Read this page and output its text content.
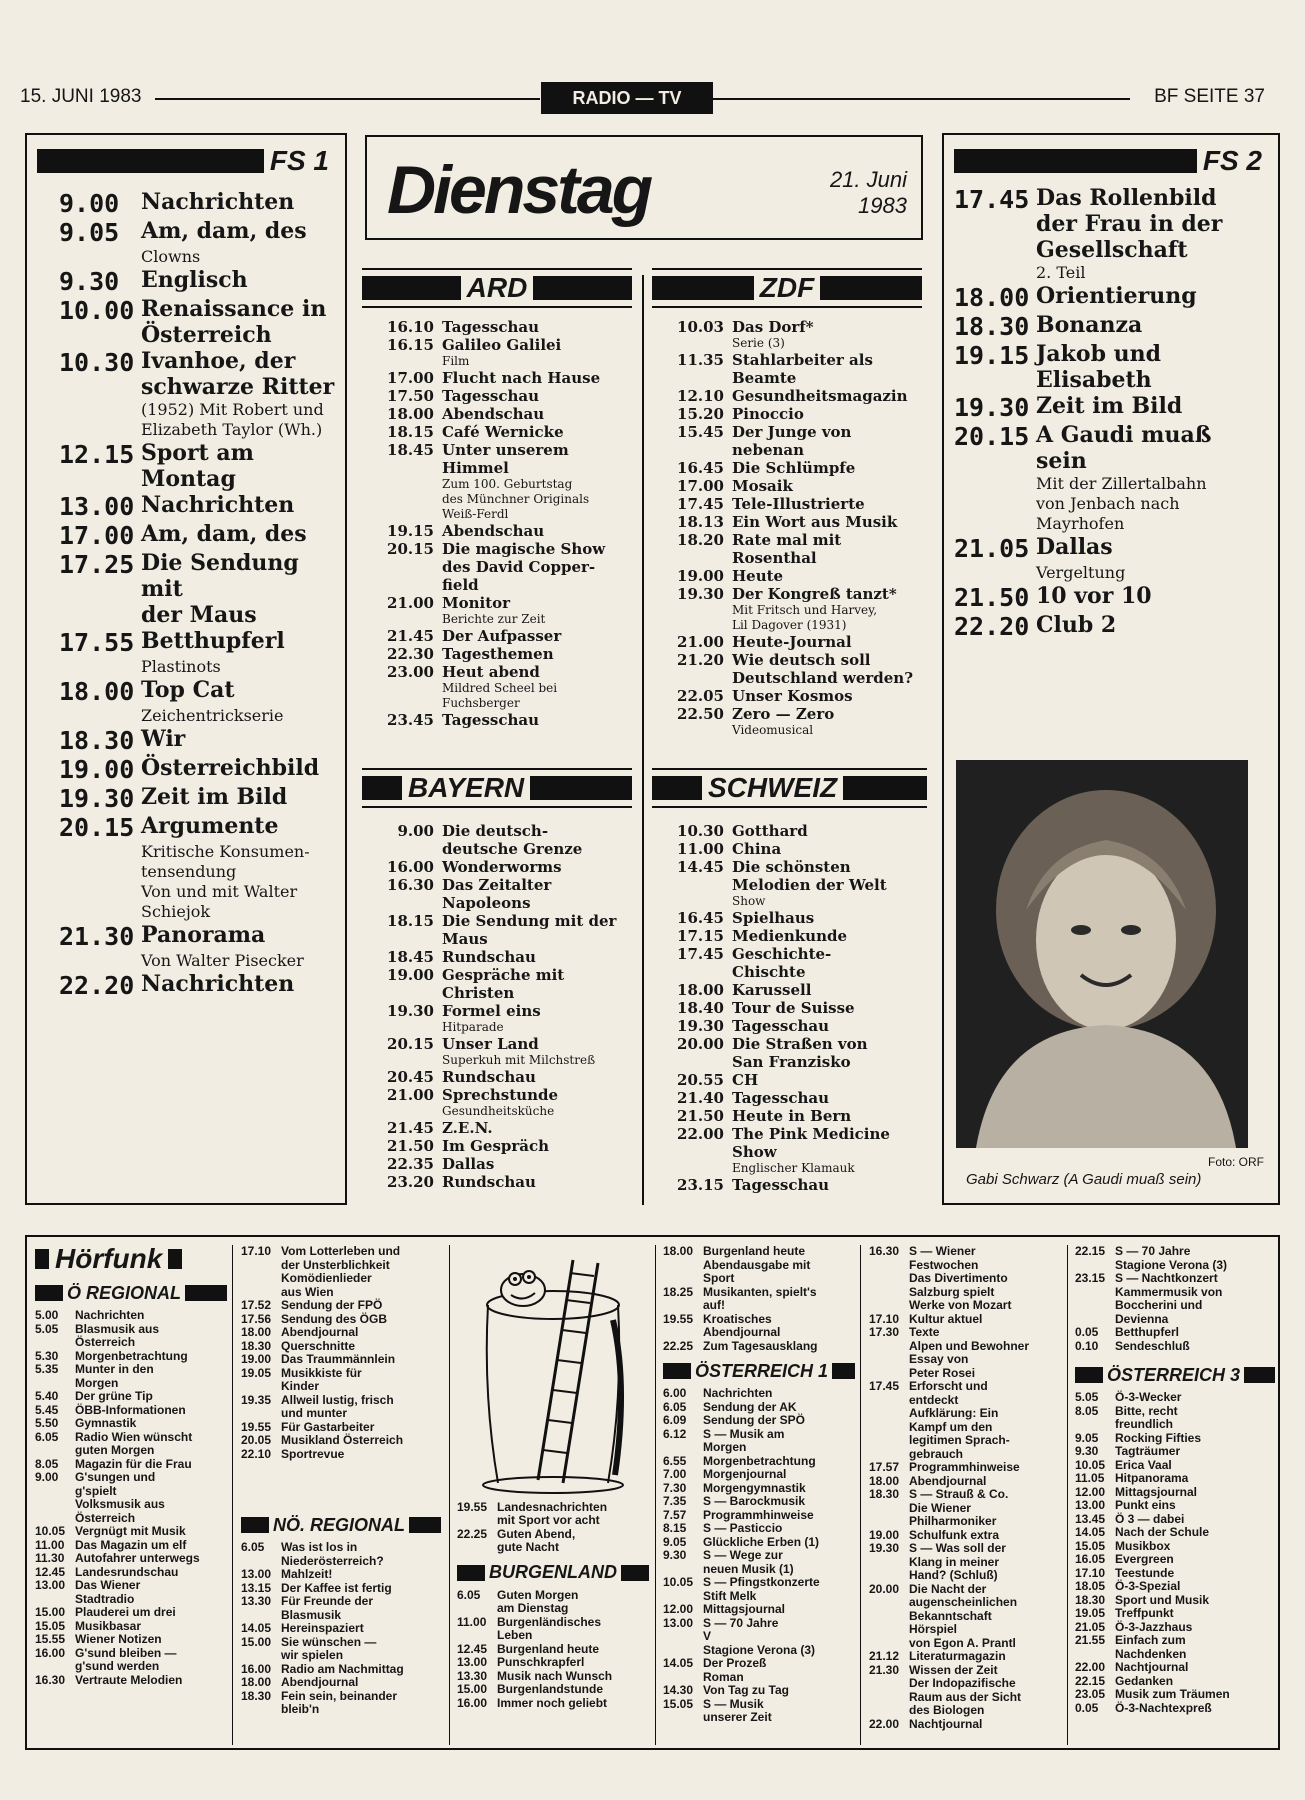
15. JUNI 1983	RADIO — TV	BF SEITE 37
FS 1
9.00 Nachrichten
9.05 Am, dam, des
Clowns
9.30 Englisch
10.00 Renaissance in
Österreich
10.30 Ivanhoe, der
schwarze Ritter
(1952) Mit Robert und
Elizabeth Taylor (Wh.)
12.15 Sport am Montag
13.00 Nachrichten
17.00 Am, dam, des
17.25 Die Sendung mit
der Maus
17.55 Betthupferl
Plastinots
18.00 Top Cat
Zeichentrickserie
18.30 Wir
19.00 Österreichbild
19.30 Zeit im Bild
20.15 Argumente
Kritische Konsumen-
tensendung
Von und mit Walter
Schiejok
21.30 Panorama
Von Walter Pisecker
22.20 Nachrichten
Dienstag	21. Juni
1983
ARD
16.10 Tagesschau
16.15 Galileo Galilei
Film
17.00 Flucht nach Hause
17.50 Tagesschau
18.00 Abendschau
18.15 Café Wernicke
18.45 Unter unserem
Himmel
Zum 100. Geburtstag
des Münchner Originals
Weiß-Ferdl
19.15 Abendschau
20.15 Die magische Show
des David Copper-
field
21.00 Monitor
Berichte zur Zeit
21.45 Der Aufpasser
22.30 Tagesthemen
23.00 Heut abend
Mildred Scheel bei
Fuchsberger
23.45 Tagesschau
ZDF
10.03 Das Dorf*
Serie (3)
11.35 Stahlarbeiter als
Beamte
12.10 Gesundheitsmagazin
15.20 Pinoccio
15.45 Der Junge von
nebenan
16.45 Die Schlümpfe
17.00 Mosaik
17.45 Tele-Illustrierte
18.13 Ein Wort aus Musik
18.20 Rate mal mit
Rosenthal
19.00 Heute
19.30 Der Kongreß tanzt*
Mit Fritsch und Harvey,
Lil Dagover (1931)
21.00 Heute-Journal
21.20 Wie deutsch soll
Deutschland werden?
22.05 Unser Kosmos
22.50 Zero — Zero
Videomusical
BAYERN
9.00 Die deutsch-
deutsche Grenze
16.00 Wonderworms
16.30 Das Zeitalter
Napoleons
18.15 Die Sendung mit der
Maus
18.45 Rundschau
19.00 Gespräche mit
Christen
19.30 Formel eins
Hitparade
20.15 Unser Land
Superkuh mit Milchstreß
20.45 Rundschau
21.00 Sprechstunde
Gesundheitsküche
21.45 Z.E.N.
21.50 Im Gespräch
22.35 Dallas
23.20 Rundschau
SCHWEIZ
10.30 Gotthard
11.00 China
14.45 Die schönsten
Melodien der Welt
Show
16.45 Spielhaus
17.15 Medienkunde
17.45 Geschichte-
Chischte
18.00 Karussell
18.40 Tour de Suisse
19.30 Tagesschau
20.00 Die Straßen von
San Franzisko
20.55 CH
21.40 Tagesschau
21.50 Heute in Bern
22.00 The Pink Medicine
Show
Englischer Klamauk
23.15 Tagesschau
FS 2
17.45 Das Rollenbild
der Frau in der
Gesellschaft
2. Teil
18.00 Orientierung
18.30 Bonanza
19.15 Jakob und
Elisabeth
19.30 Zeit im Bild
20.15 A Gaudi muaß
sein
Mit der Zillertalbahn
von Jenbach nach
Mayrhofen
21.05 Dallas
Vergeltung
21.50 10 vor 10
22.20 Club 2
Foto: ORF
Gabi Schwarz (A Gaudi muaß sein)
Hörfunk
Ö REGIONAL
5.00	Nachrichten
5.05	Blasmusik aus
Österreich
5.30	Morgenbetrachtung
5.35	Munter in den
Morgen
5.40	Der grüne Tip
5.45	ÖBB-Informationen
5.50	Gymnastik
6.05	Radio Wien wünscht
guten Morgen
8.05	Magazin für die Frau
9.00	G'sungen und
g'spielt
Volksmusik aus
Österreich
10.05 Vergnügt mit Musik
11.00 Das Magazin um elf
11.30 Autofahrer unterwegs
12.45 Landesrundschau
13.00 Das Wiener
Stadtradio
15.00 Plauderei um drei
15.05 Musikbasar
15.55 Wiener Notizen
16.00 G'sund bleiben —
g'sund werden
16.30 Vertraute Melodien
17.10 Vom Lotterleben und
der Unsterblichkeit
Komödienlieder
aus Wien
17.52 Sendung der FPÖ
17.56 Sendung des ÖGB
18.00 Abendjournal
18.30 Querschnitte
19.00 Das Traummännlein
19.05 Musikkiste für
Kinder
19.35 Allweil lustig, frisch
und munter
19.55 Für Gastarbeiter
20.05 Musikland Österreich
22.10 Sportrevue
NÖ. REGIONAL
6.05	Was ist los in
Niederösterreich?
13.00 Mahlzeit!
13.15 Der Kaffee ist fertig
13.30 Für Freunde der
Blasmusik
14.05 Hereinspaziert
15.00 Sie wünschen —
wir spielen
16.00 Radio am Nachmittag
18.00 Abendjournal
18.30 Fein sein, beinander
bleib'n
19.55 Landesnachrichten
mit Sport vor acht
22.25 Guten Abend,
gute Nacht
BURGENLAND
6.05	Guten Morgen
am Dienstag
11.00 Burgenländisches
Leben
12.45 Burgenland heute
13.00 Punschkrapferl
13.30 Musik nach Wunsch
15.00 Burgenlandstunde
16.00 Immer noch geliebt
18.00 Burgenland heute
Abendausgabe mit
Sport
18.25 Musikanten, spielt's
auf!
19.55 Kroatisches
Abendjournal
22.25 Zum Tagesausklang
ÖSTERREICH 1
6.00	Nachrichten
6.05	Sendung der AK
6.09	Sendung der SPÖ
6.12	S — Musik am
Morgen
6.55	Morgenbetrachtung
7.00	Morgenjournal
7.30	Morgengymnastik
7.35	S — Barockmusik
7.57	Programmhinweise
8.15	S — Pasticcio
9.05	Glückliche Erben (1)
9.30	S — Wege zur
neuen Musik (1)
10.05 S — Pfingstkonzerte
Stift Melk
12.00 Mittagsjournal
13.00 S — 70 Jahre
V
Stagione Verona (3)
14.05 Der Prozeß
Roman
14.30 Von Tag zu Tag
15.05 S — Musik
unserer Zeit
16.30 S — Wiener
Festwochen
Das Divertimento
Salzburg spielt
Werke von Mozart
17.10 Kultur aktuel
17.30 Texte
Alpen und Bewohner
Essay von
Peter Rosei
17.45 Erforscht und
entdeckt
Aufklärung: Ein
Kampf um den
legitimen Sprach-
gebrauch
17.57 Programmhinweise
18.00 Abendjournal
18.30 S — Strauß & Co.
Die Wiener
Philharmoniker
19.00 Schulfunk extra
19.30 S — Was soll der
Klang in meiner
Hand? (Schluß)
20.00 Die Nacht der
augenscheinlichen
Bekanntschaft
Hörspiel
von Egon A. Prantl
21.12 Literaturmagazin
21.30 Wissen der Zeit
Der Indopazifische
Raum aus der Sicht
des Biologen
22.00 Nachtjournal
22.15 S — 70 Jahre
Stagione Verona (3)
23.15 S — Nachtkonzert
Kammermusik von
Boccherini und
Devienna
0.05	Betthupferl
0.10	Sendeschluß
ÖSTERREICH 3
5.05	Ö-3-Wecker
8.05	Bitte, recht
freundlich
9.05	Rocking Fifties
9.30	Tagträumer
10.05 Erica Vaal
11.05 Hitpanorama
12.00 Mittagsjournal
13.00 Punkt eins
13.45 Ö 3 — dabei
14.05 Nach der Schule
15.05 Musikbox
16.05 Evergreen
17.10 Teestunde
18.05 Ö-3-Spezial
18.30 Sport und Musik
19.05 Treffpunkt
21.05 Ö-3-Jazzhaus
21.55 Einfach zum
Nachdenken
22.00 Nachtjournal
22.15 Gedanken
23.05 Musik zum Träumen
0.05	Ö-3-Nachtexpreß
